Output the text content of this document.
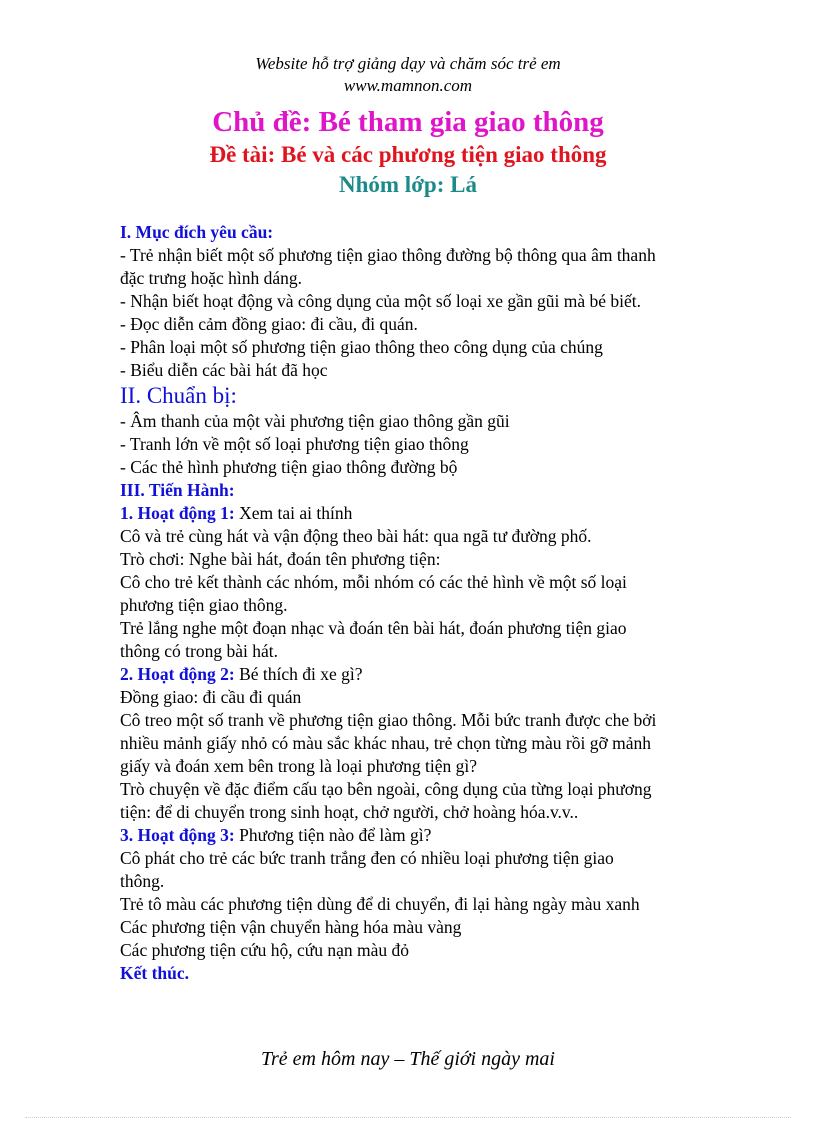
Website hỗ trợ giảng dạy và chăm sóc trẻ em
www.mamnon.com
Chủ đề: Bé tham gia giao thông
Đề tài: Bé và các phương tiện giao thông
Nhóm lớp: Lá
I. Mục đích yêu cầu:
- Trẻ nhận biết một số phương tiện giao thông đường bộ thông qua âm thanh
đặc trưng hoặc hình dáng.
- Nhận biết hoạt động và công dụng của một số loại xe gần gũi mà bé biết.
- Đọc diễn cảm đồng giao: đi cầu, đi quán.
- Phân loại một số phương tiện giao thông theo công dụng của chúng
- Biểu diễn các bài hát đã học
II. Chuẩn bị:
- Âm thanh của một vài phương tiện giao thông gần gũi
- Tranh lớn về một số loại phương tiện giao thông
- Các thẻ hình phương tiện giao thông đường bộ
III. Tiến Hành:
1. Hoạt động 1: Xem tai ai thính
Cô và trẻ cùng hát và vận động theo bài hát: qua ngã tư đường phố.
Trò chơi: Nghe bài hát, đoán tên phương tiện:
Cô cho trẻ kết thành các nhóm, mỗi nhóm có các thẻ hình về một số loại
phương tiện giao thông.
Trẻ lắng nghe một đoạn nhạc và đoán tên bài hát, đoán phương tiện giao
thông có trong bài hát.
2. Hoạt động 2: Bé thích đi xe gì?
Đồng giao: đi cầu đi quán
Cô treo một số tranh về phương tiện giao thông. Mỗi bức tranh được che bởi
nhiều mảnh giấy nhỏ có màu sắc khác nhau, trẻ chọn từng màu rồi gỡ mảnh
giấy và đoán xem bên trong là loại phương tiện gì?
Trò chuyện về đặc điểm cấu tạo bên ngoài, công dụng của từng loại phương
tiện: để di chuyển trong sinh hoạt, chở người, chở hoàng hóa.v.v..
3. Hoạt động 3: Phương tiện nào để làm gì?
Cô phát cho trẻ các bức tranh trắng đen có nhiều loại phương tiện giao
thông.
Trẻ tô màu các phương tiện dùng để di chuyển, đi lại hàng ngày màu xanh
Các phương tiện vận chuyển hàng hóa màu vàng
Các phương tiện cứu hộ, cứu nạn màu đỏ
Kết thúc.
Trẻ em hôm nay – Thế giới ngày mai
